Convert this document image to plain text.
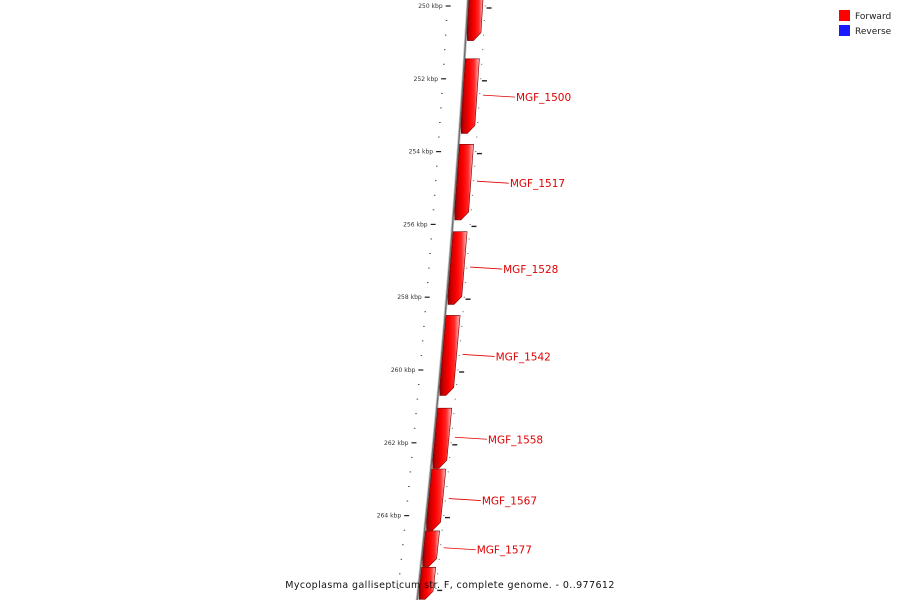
250 kbp
252 kbp
254 kbp
256 kbp
258 kbp
260 kbp
262 kbp
264 kbp
MGF_1500
MGF_1517
MGF_1528
MGF_1542
MGF_1558
MGF_1567
MGF_1577
Forward
Reverse
Mycoplasma gallisepticum str. F, complete genome. - 0..977612
